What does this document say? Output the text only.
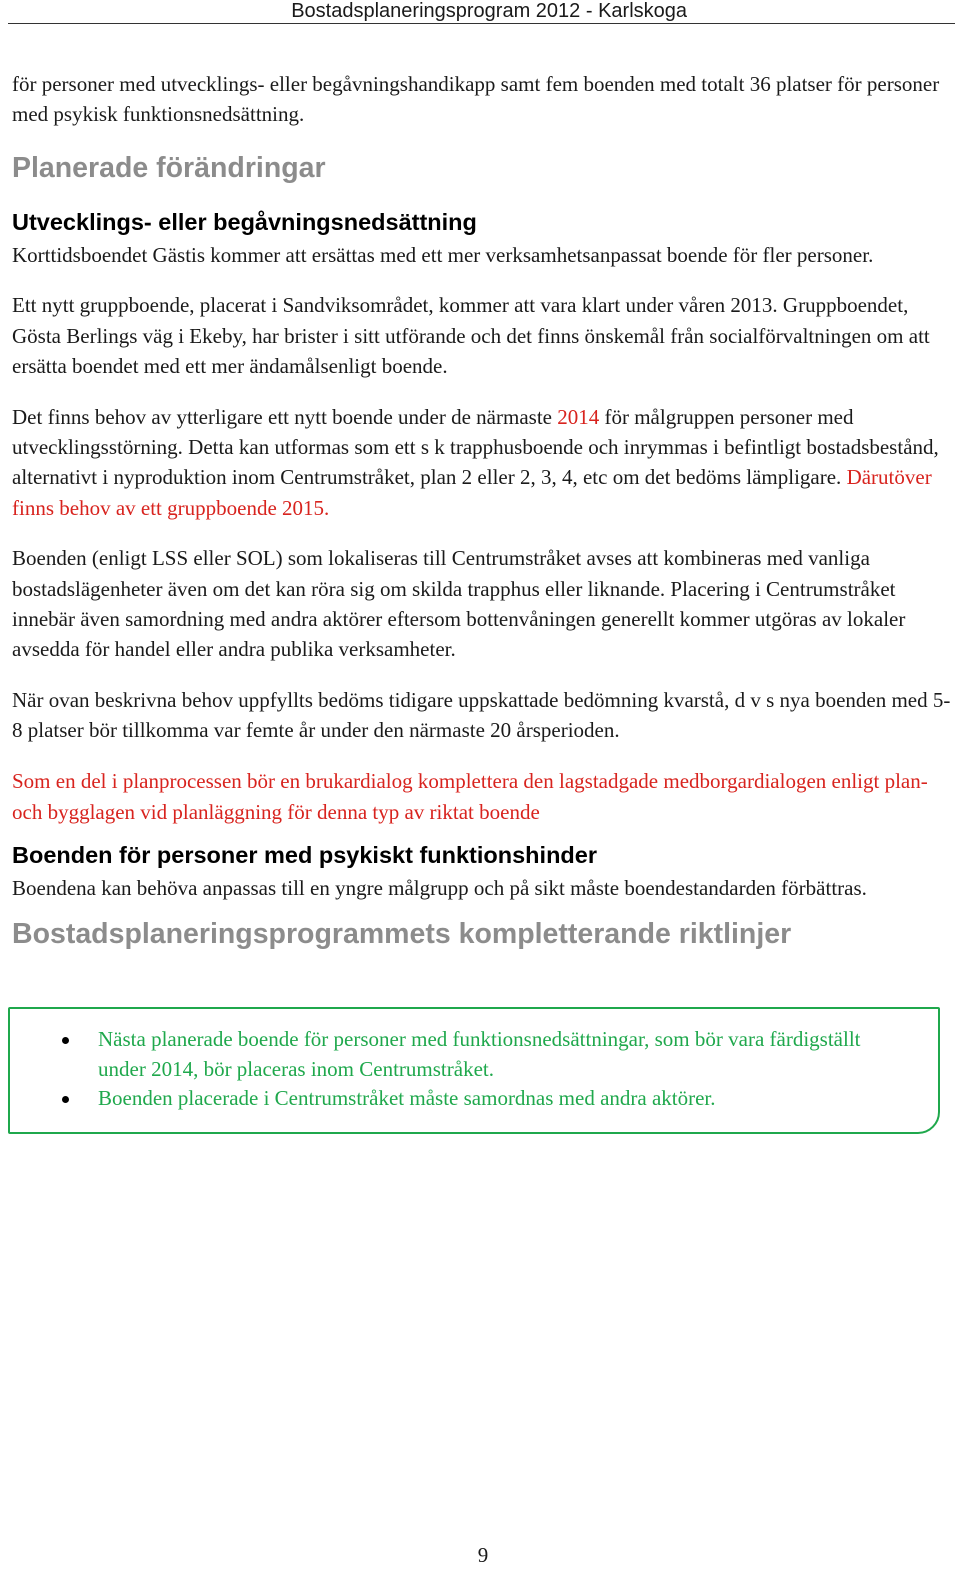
Bostadsplaneringsprogram 2012 - Karlskoga

för personer med utvecklings- eller begåvningshandikapp samt fem boenden med totalt 36 platser för personer med psykisk funktionsnedsättning.

Planerade förändringar
Utvecklings- eller begåvningsnedsättning

Korttidsboendet Gästis kommer att ersättas med ett mer verksamhetsanpassat boende för fler personer.

Ett nytt gruppboende, placerat i Sandviksområdet, kommer att vara klart under våren 2013. Gruppboendet, Gösta Berlings väg i Ekeby, har brister i sitt utförande och det finns önskemål från socialförvaltningen om att ersätta boendet med ett mer ändamålsenligt boende.

Det finns behov av ytterligare ett nytt boende under de närmaste 2014 för målgruppen personer med utvecklingsstörning. Detta kan utformas som ett s k trapphusboende och inrymmas i befintligt bostadsbestånd, alternativt i nyproduktion inom Centrumstråket, plan 2 eller 2, 3, 4, etc om det bedöms lämpligare. Därutöver finns behov av ett gruppboende 2015.

Boenden (enligt LSS eller SOL) som lokaliseras till Centrumstråket avses att kombineras med vanliga bostadslägenheter även om det kan röra sig om skilda trapphus eller liknande. Placering i Centrumstråket innebär även samordning med andra aktörer eftersom bottenvåningen generellt kommer utgöras av lokaler avsedda för handel eller andra publika verksamheter.

När ovan beskrivna behov uppfyllts bedöms tidigare uppskattade bedömning kvarstå, d v s nya boenden med 5-8 platser bör tillkomma var femte år under den närmaste 20 årsperioden.

Som en del i planprocessen bör en brukardialog komplettera den lagstadgade medborgardialogen enligt plan- och bygglagen vid planläggning för denna typ av riktat boende

Boenden för personer med psykiskt funktionshinder

Boendena kan behöva anpassas till en yngre målgrupp och på sikt måste boendestandarden förbättras.

Bostadsplaneringsprogrammets kompletterande riktlinjer
Nästa planerade boende för personer med funktionsnedsättningar, som bör vara färdigställt under 2014, bör placeras inom Centrumstråket.
Boenden placerade i Centrumstråket måste samordnas med andra aktörer.
9
